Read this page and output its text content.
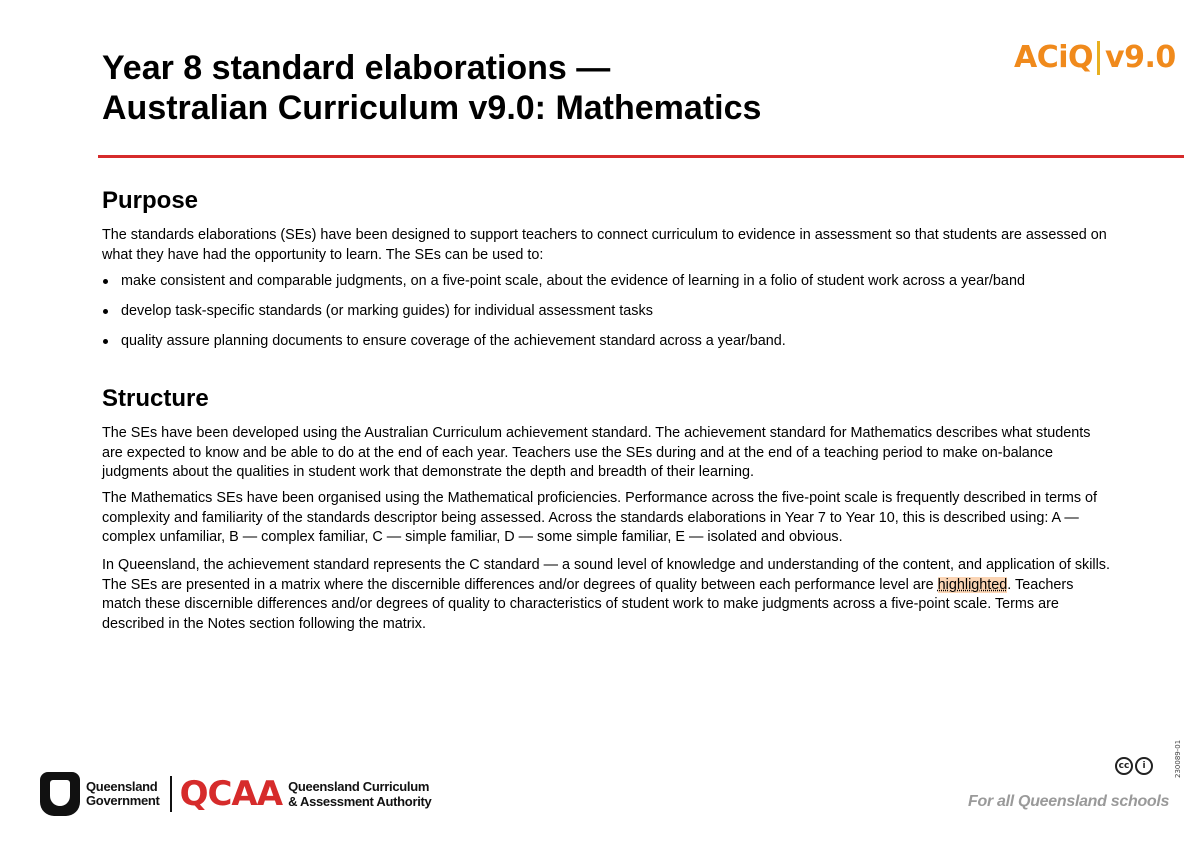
Year 8 standard elaborations —
Australian Curriculum v9.0: Mathematics
ACiQ v9.0
Purpose

The standards elaborations (SEs) have been designed to support teachers to connect curriculum to evidence in assessment so that students are assessed on what they have had the opportunity to learn. The SEs can be used to:

make consistent and comparable judgments, on a five-point scale, about the evidence of learning in a folio of student work across a year/band
develop task-specific standards (or marking guides) for individual assessment tasks
quality assure planning documents to ensure coverage of the achievement standard across a year/band.
Structure

The SEs have been developed using the Australian Curriculum achievement standard. The achievement standard for Mathematics describes what students are expected to know and be able to do at the end of each year. Teachers use the SEs during and at the end of a teaching period to make on-balance judgments about the qualities in student work that demonstrate the depth and breadth of their learning.

The Mathematics SEs have been organised using the Mathematical proficiencies. Performance across the five-point scale is frequently described in terms of complexity and familiarity of the standards descriptor being assessed. Across the standards elaborations in Year 7 to Year 10, this is described using: A — complex unfamiliar, B — complex familiar, C — simple familiar, D — some simple familiar, E — isolated and obvious.

In Queensland, the achievement standard represents the C standard — a sound level of knowledge and understanding of the content, and application of skills. The SEs are presented in a matrix where the discernible differences and/or degrees of quality between each performance level are highlighted. Teachers match these discernible differences and/or degrees of quality to characteristics of student work to make judgments across a five-point scale. Terms are described in the Notes section following the matrix.

Queensland
Government QCAA Queensland Curriculum
& Assessment Authority
cc	i	230089-01
For all Queensland schools
